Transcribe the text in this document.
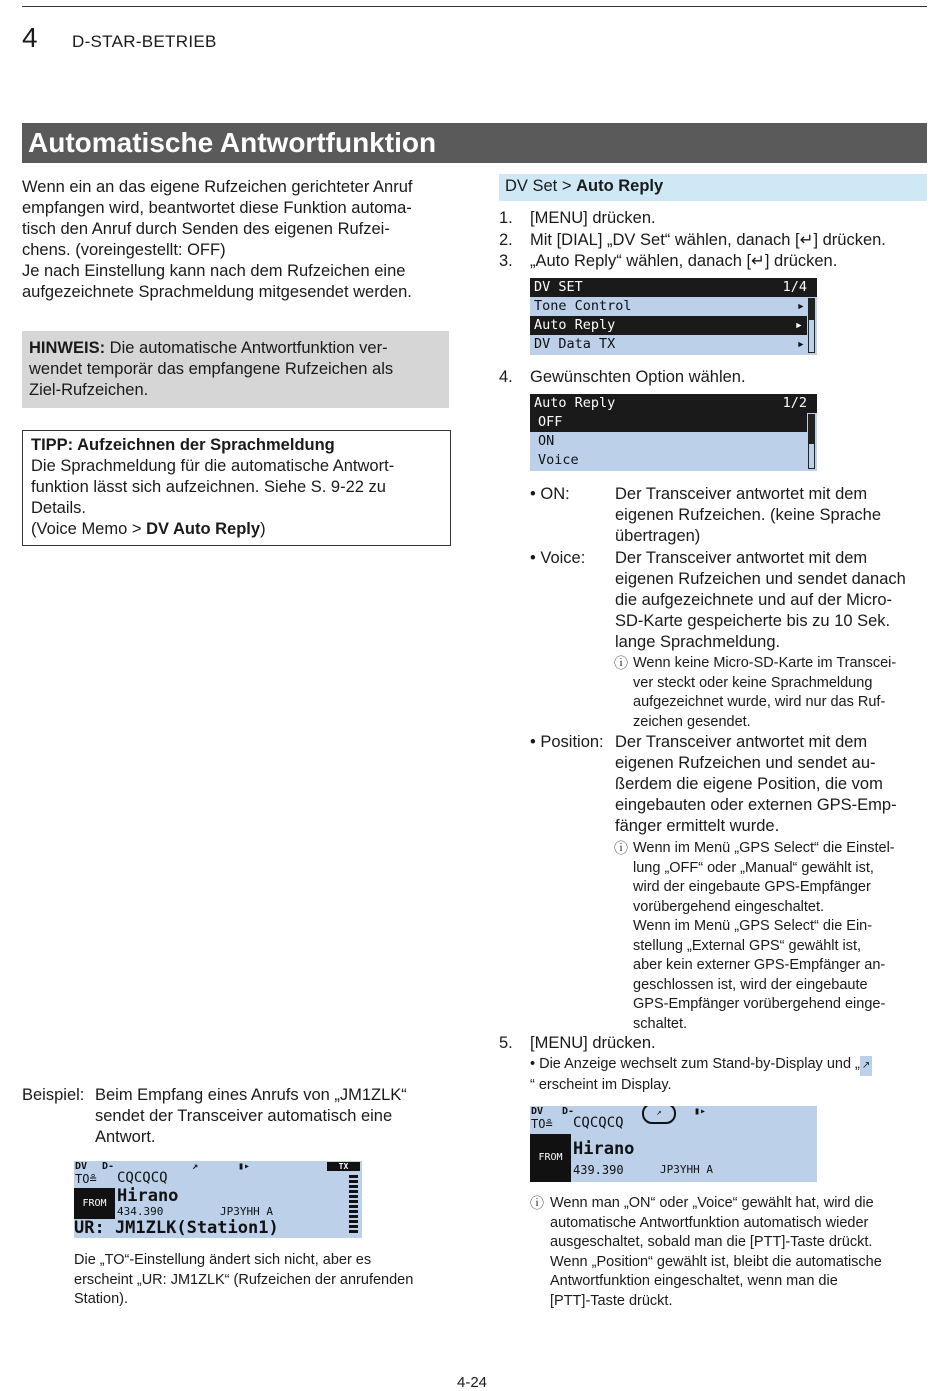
4 D-STAR-BETRIEB
Automatische Antwortfunktion
Wenn ein an das eigene Rufzeichen gerichteter Anruf
empfangen wird, beantwortet diese Funktion automa-
tisch den Anruf durch Senden des eigenen Rufzei-
chens. (voreingestellt: OFF)
Je nach Einstellung kann nach dem Rufzeichen eine
aufgezeichnete Sprachmeldung mitgesendet werden.
HINWEIS: Die automatische Antwortfunktion ver-
wendet temporär das empfangene Rufzeichen als
Ziel-Rufzeichen.
TIPP: Aufzeichnen der Sprachmeldung
Die Sprachmeldung für die automatische Antwort-
funktion lässt sich aufzeichnen. Siehe S. 9-22 zu
Details.
(Voice Memo > DV Auto Reply)
Beispiel: Beim Empfang eines Anrufs von „JM1ZLK“
sendet der Transceiver automatisch eine
Antwort.
DV D-	↗	▮▸	TX
TO≗ CQCQCQ
FROM Hirano
434.390	JP3YHH A
UR: JM1ZLK(Station1)
Die „TO“-Einstellung ändert sich nicht, aber es
erscheint „UR: JM1ZLK“ (Rufzeichen der anrufenden
Station).
DV Set > Auto Reply
1. [MENU] drücken.
2. Mit [DIAL] „DV Set“ wählen, danach [↵] drücken.
3. „Auto Reply“ wählen, danach [↵] drücken.
DV SET	1/4
Tone Control	▸
Auto Reply	▸
DV Data TX	▸
4. Gewünschten Option wählen.
Auto Reply	1/2
OFF
ON
Voice
• ON:	Der Transceiver antwortet mit dem
eigenen Rufzeichen. (keine Sprache
übertragen)
• Voice: Der Transceiver antwortet mit dem
eigenen Rufzeichen und sendet danach
die aufgezeichnete und auf der Micro-
SD-Karte gespeicherte bis zu 10 Sek.
lange Sprachmeldung.
ⓘ Wenn keine Micro-SD-Karte im Transcei-
ver steckt oder keine Sprachmeldung
aufgezeichnet wurde, wird nur das Ruf-
zeichen gesendet.
• Position: Der Transceiver antwortet mit dem
eigenen Rufzeichen und sendet au-
ßerdem die eigene Position, die vom
eingebauten oder externen GPS-Emp-
fänger ermittelt wurde.
ⓘ Wenn im Menü „GPS Select“ die Einstel-
lung „OFF“ oder „Manual“ gewählt ist,
wird der eingebaute GPS-Empfänger
vorübergehend eingeschaltet.
Wenn im Menü „GPS Select“ die Ein-
stellung „External GPS“ gewählt ist,
aber kein externer GPS-Empfänger an-
geschlossen ist, wird der eingebaute
GPS-Empfänger vorübergehend einge-
schaltet.
5. [MENU] drücken.
• Die Anzeige wechselt zum Stand-by-Display und „ ↗
“ erscheint im Display.
DV D-	↗	▮▸
TO≗ CQCQCQ
FROM Hirano
439.390	JP3YHH A
ⓘ Wenn man „ON“ oder „Voice“ gewählt hat, wird die
automatische Antwortfunktion automatisch wieder
ausgeschaltet, sobald man die [PTT]-Taste drückt.
Wenn „Position“ gewählt ist, bleibt die automatische
Antwortfunktion eingeschaltet, wenn man die
[PTT]-Taste drückt.
4-24
